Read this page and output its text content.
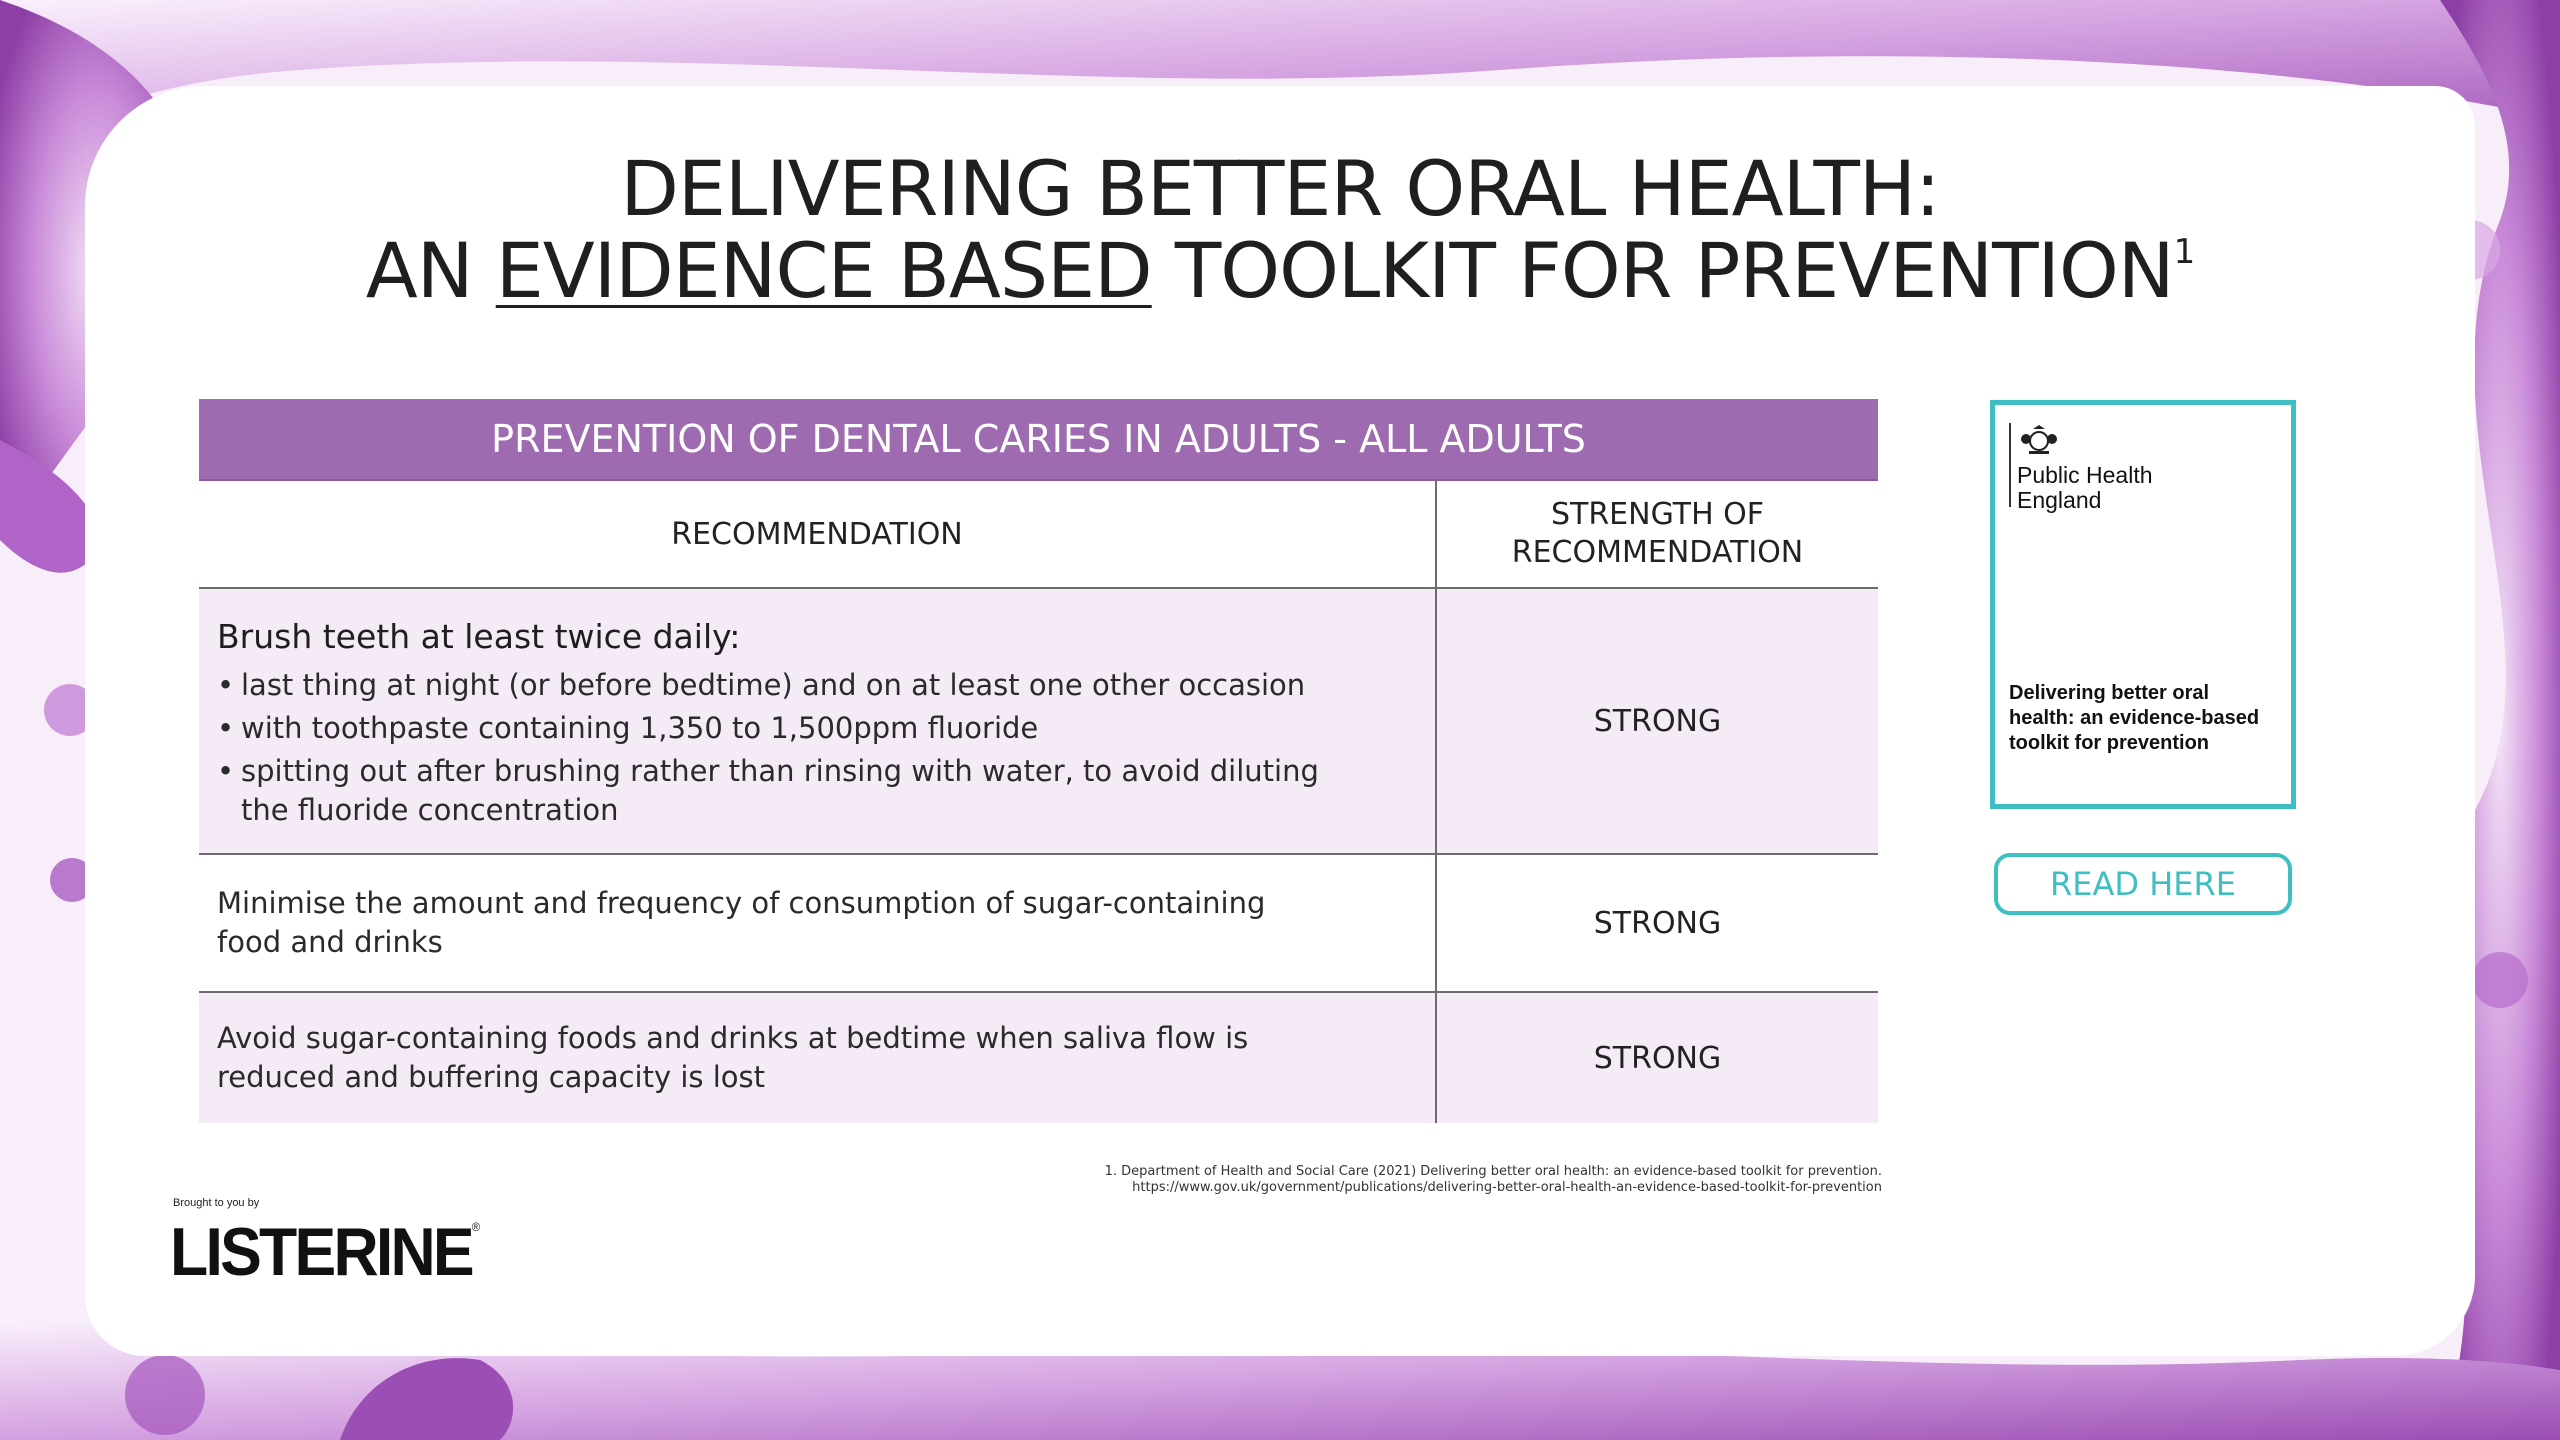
DELIVERING BETTER ORAL HEALTH:
AN EVIDENCE BASED TOOLKIT FOR PREVENTION$^1$
PREVENTION OF DENTAL CARIES IN ADULTS - ALL ADULTS
RECOMMENDATION
STRENGTH OF RECOMMENDATION
Brush teeth at least twice daily:
• last thing at night (or before bedtime) and on at least one other occasion
• with toothpaste containing 1,350 to 1,500ppm fluoride
• spitting out after brushing rather than rinsing with water, to avoid diluting the fluoride concentration
STRONG
Minimise the amount and frequency of consumption of sugar-containing food and drinks
STRONG
Avoid sugar-containing foods and drinks at bedtime when saliva flow is reduced and buffering capacity is lost
STRONG
Public Health
England
Delivering better oral health: an evidence-based toolkit for prevention
READ HERE
1. Department of Health and Social Care (2021) Delivering better oral health: an evidence-based toolkit for prevention.
https://www.gov.uk/government/publications/delivering-better-oral-health-an-evidence-based-toolkit-for-prevention
Brought to you by
LISTERINE®
